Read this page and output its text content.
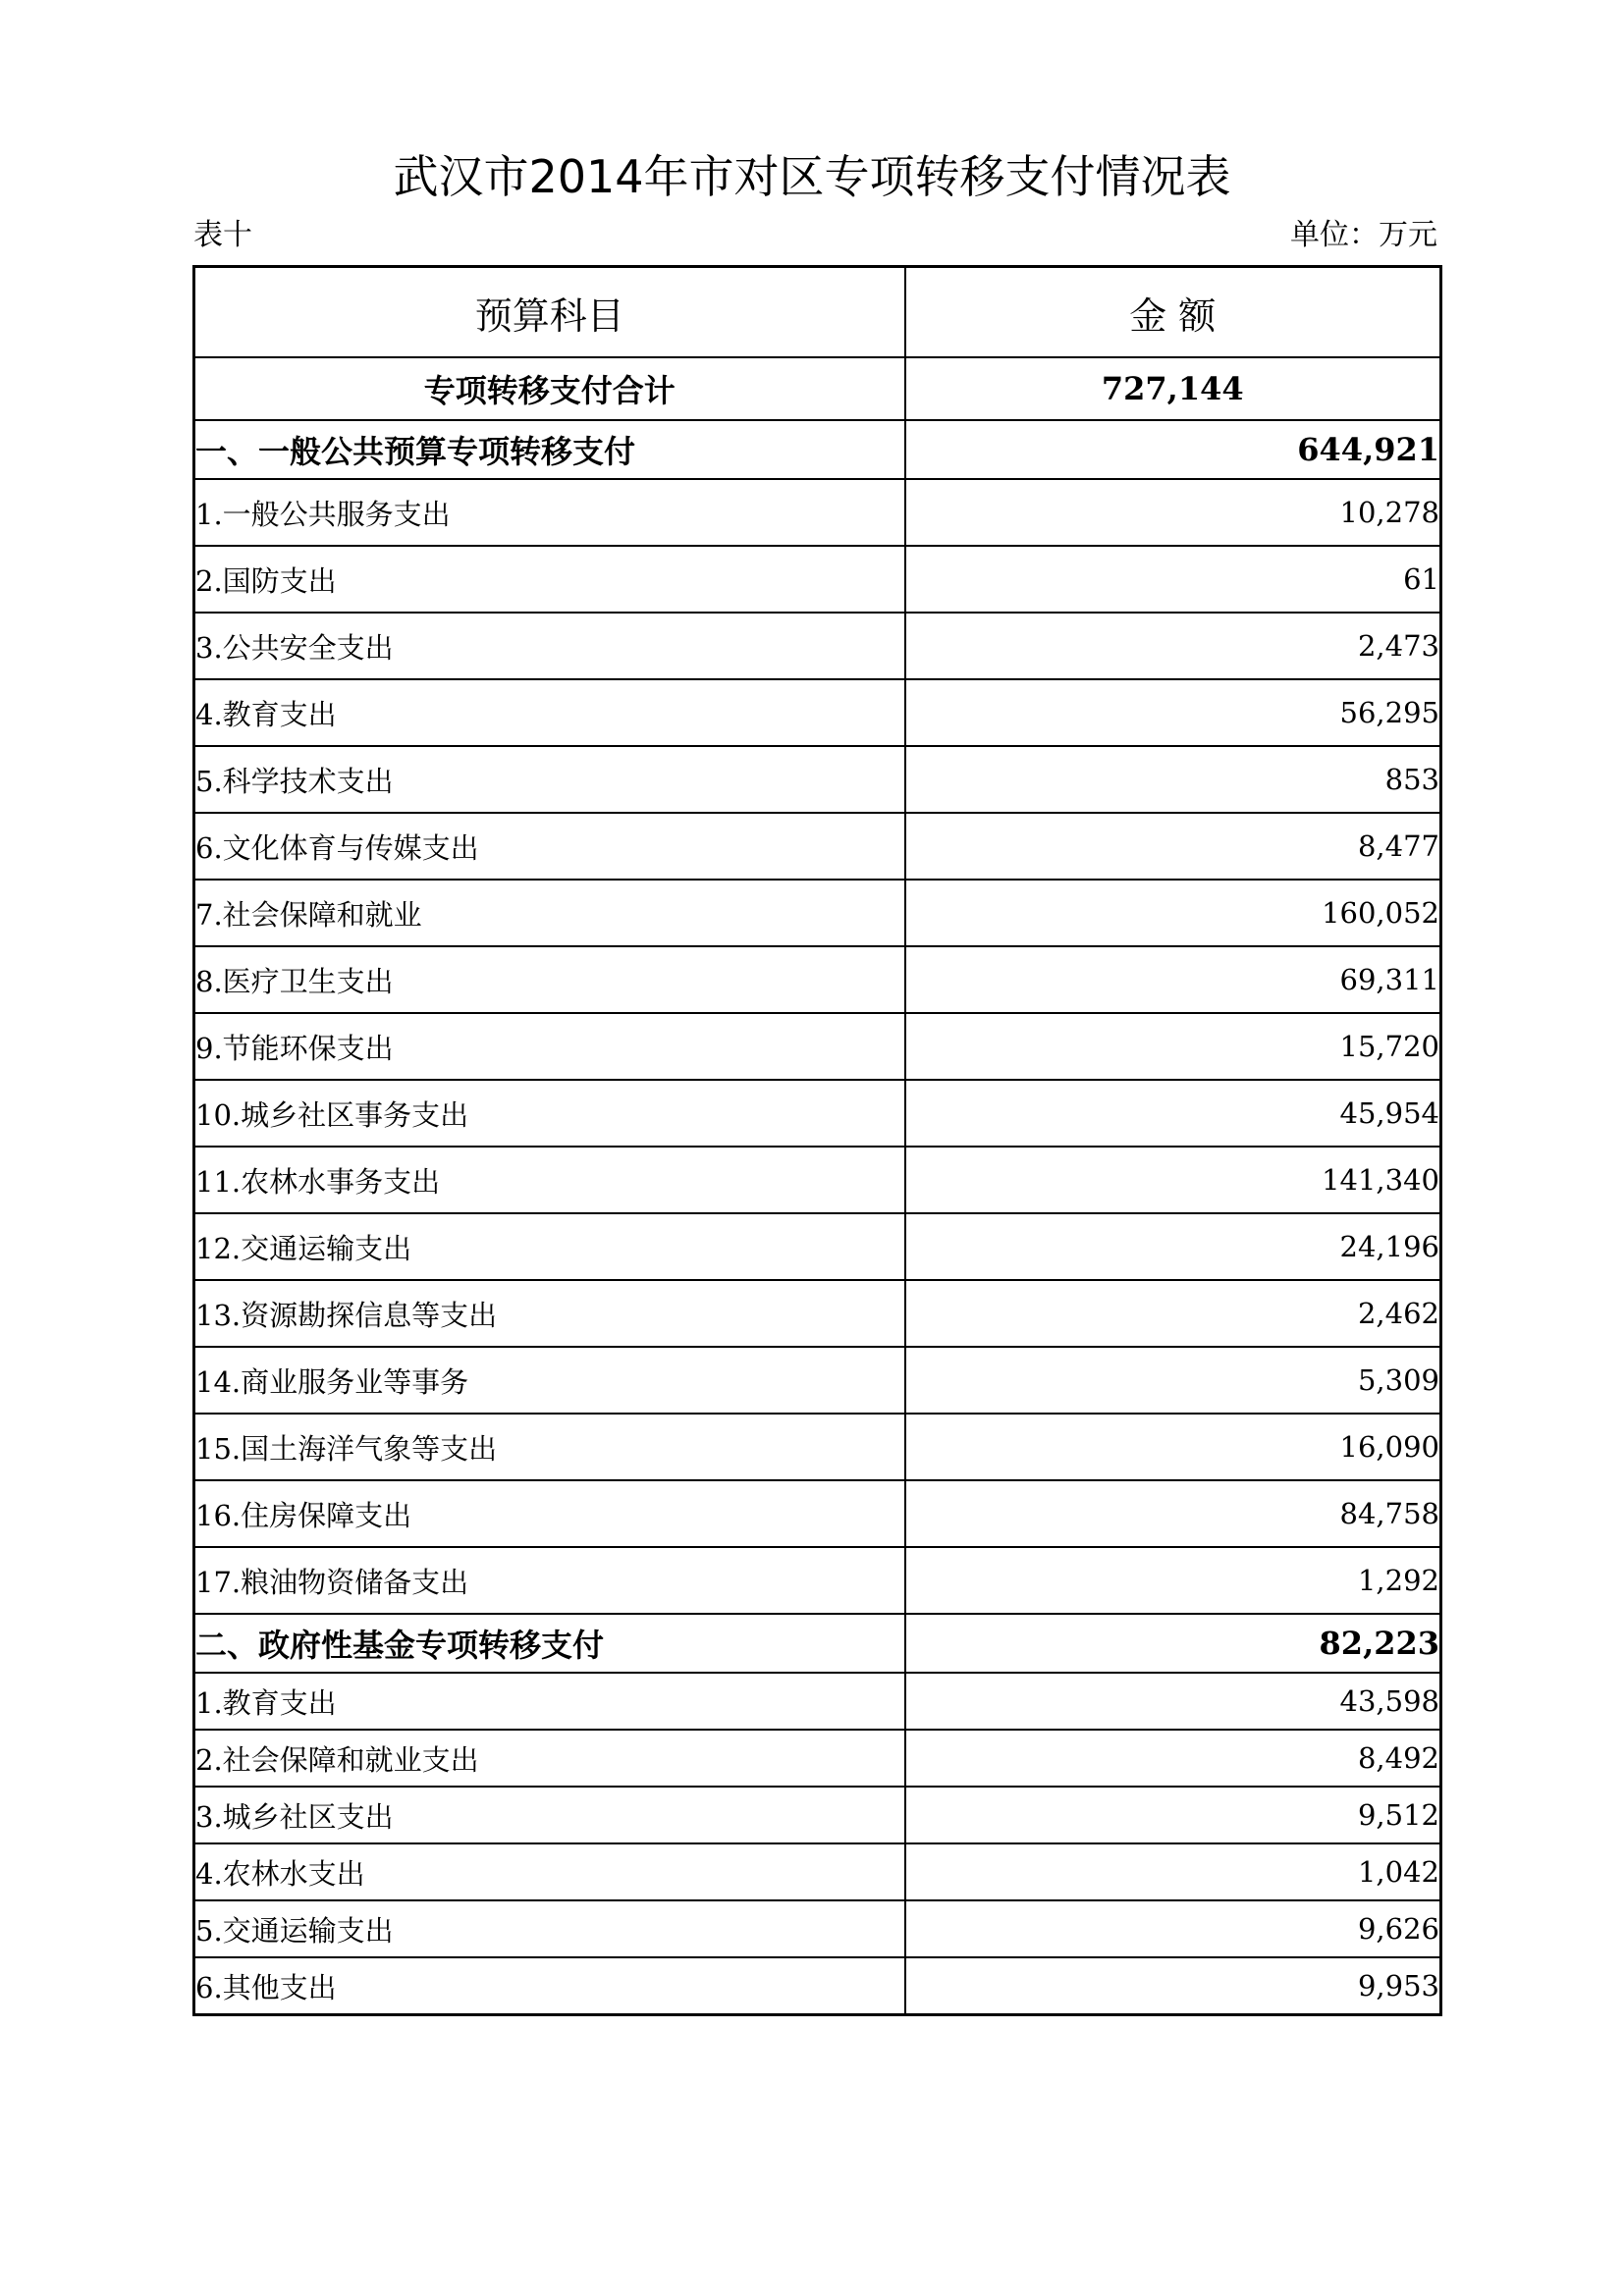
武汉市2014年市对区专项转移支付情况表
表十	单位：万元
预算科目	金 额
专项转移支付合计	727,144
一、一般公共预算专项转移支付	644,921
1.一般公共服务支出	10,278
2.国防支出	61
3.公共安全支出	2,473
4.教育支出	56,295
5.科学技术支出	853
6.文化体育与传媒支出	8,477
7.社会保障和就业	160,052
8.医疗卫生支出	69,311
9.节能环保支出	15,720
10.城乡社区事务支出	45,954
11.农林水事务支出	141,340
12.交通运输支出	24,196
13.资源勘探信息等支出	2,462
14.商业服务业等事务	5,309
15.国土海洋气象等支出	16,090
16.住房保障支出	84,758
17.粮油物资储备支出	1,292
二、政府性基金专项转移支付	82,223
1.教育支出	43,598
2.社会保障和就业支出	8,492
3.城乡社区支出	9,512
4.农林水支出	1,042
5.交通运输支出	9,626
6.其他支出	9,953
